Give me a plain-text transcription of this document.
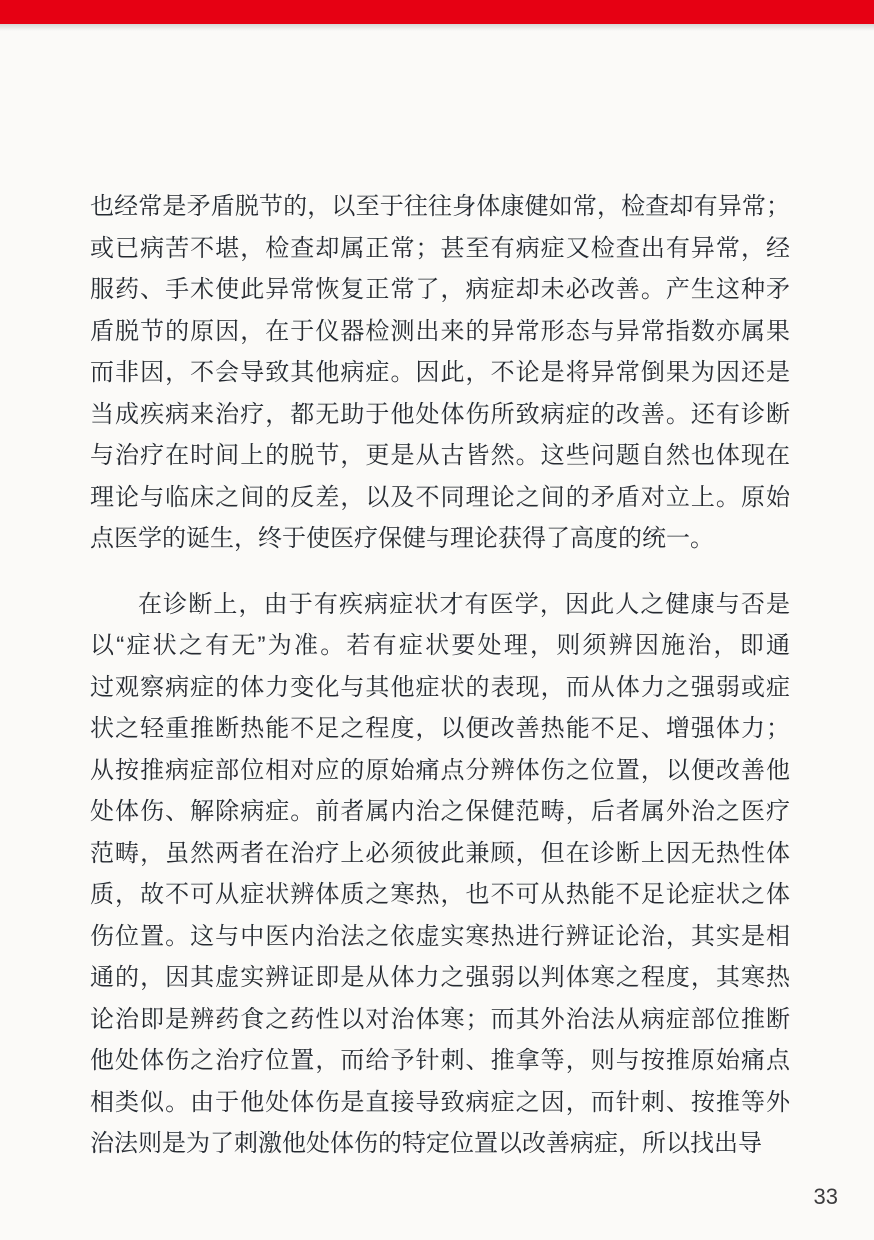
也经常是矛盾脱节的，以至于往往身体康健如常，检查却有异常；
或已病苦不堪，检查却属正常；甚至有病症又检查出有异常，经
服药、手术使此异常恢复正常了，病症却未必改善。产生这种矛
盾脱节的原因，在于仪器检测出来的异常形态与异常指数亦属果
而非因，不会导致其他病症。因此，不论是将异常倒果为因还是
当成疾病来治疗，都无助于他处体伤所致病症的改善。还有诊断
与治疗在时间上的脱节，更是从古皆然。这些问题自然也体现在
理论与临床之间的反差，以及不同理论之间的矛盾对立上。原始
点医学的诞生，终于使医疗保健与理论获得了高度的统一。
在诊断上，由于有疾病症状才有医学，因此人之健康与否是
以“症状之有无”为准。若有症状要处理，则须辨因施治，即通
过观察病症的体力变化与其他症状的表现，而从体力之强弱或症
状之轻重推断热能不足之程度，以便改善热能不足、增强体力；
从按推病症部位相对应的原始痛点分辨体伤之位置，以便改善他
处体伤、解除病症。前者属内治之保健范畴，后者属外治之医疗
范畴，虽然两者在治疗上必须彼此兼顾，但在诊断上因无热性体
质，故不可从症状辨体质之寒热，也不可从热能不足论症状之体
伤位置。这与中医内治法之依虚实寒热进行辨证论治，其实是相
通的，因其虚实辨证即是从体力之强弱以判体寒之程度，其寒热
论治即是辨药食之药性以对治体寒；而其外治法从病症部位推断
他处体伤之治疗位置，而给予针刺、推拿等，则与按推原始痛点
相类似。由于他处体伤是直接导致病症之因，而针刺、按推等外
治法则是为了刺激他处体伤的特定位置以改善病症，所以找出导
33
